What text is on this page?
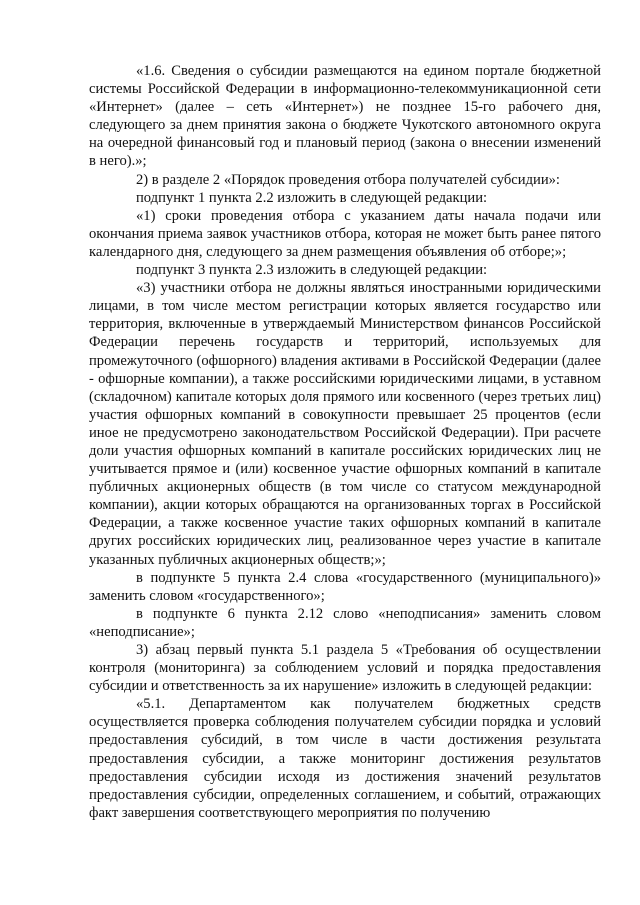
«1.6. Сведения о субсидии размещаются на едином портале бюджетной системы Российской Федерации в информационно-телекоммуникационной сети «Интернет» (далее – сеть «Интернет») не позднее 15-го рабочего дня, следующего за днем принятия закона о бюджете Чукотского автономного округа на очередной финансовый год и плановый период (закона о внесении изменений в него).»;

2) в разделе 2 «Порядок проведения отбора получателей субсидии»:

подпункт 1 пункта 2.2 изложить в следующей редакции:

«1) сроки проведения отбора с указанием даты начала подачи или окончания приема заявок участников отбора, которая не может быть ранее пятого календарного дня, следующего за днем размещения объявления об отборе;»;

подпункт 3 пункта 2.3 изложить в следующей редакции:

«3) участники отбора не должны являться иностранными юридическими лицами, в том числе местом регистрации которых является государство или территория, включенные в утверждаемый Министерством финансов Российской Федерации перечень государств и территорий, используемых для промежуточного (офшорного) владения активами в Российской Федерации (далее - офшорные компании), а также российскими юридическими лицами, в уставном (складочном) капитале которых доля прямого или косвенного (через третьих лиц) участия офшорных компаний в совокупности превышает 25 процентов (если иное не предусмотрено законодательством Российской Федерации). При расчете доли участия офшорных компаний в капитале российских юридических лиц не учитывается прямое и (или) косвенное участие офшорных компаний в капитале публичных акционерных обществ (в том числе со статусом международной компании), акции которых обращаются на организованных торгах в Российской Федерации, а также косвенное участие таких офшорных компаний в капитале других российских юридических лиц, реализованное через участие в капитале указанных публичных акционерных обществ;»;

в подпункте 5 пункта 2.4 слова «государственного (муниципального)» заменить словом «государственного»;

в подпункте 6 пункта 2.12 слово «неподписания» заменить словом «неподписание»;

3) абзац первый пункта 5.1 раздела 5 «Требования об осуществлении контроля (мониторинга) за соблюдением условий и порядка предоставления субсидии и ответственность за их нарушение» изложить в следующей редакции:

«5.1. Департаментом как получателем бюджетных средств осуществляется проверка соблюдения получателем субсидии порядка и условий предоставления субсидий, в том числе в части достижения результата предоставления субсидии, а также мониторинг достижения результатов предоставления субсидии исходя из достижения значений результатов предоставления субсидии, определенных соглашением, и событий, отражающих факт завершения соответствующего мероприятия по получению
